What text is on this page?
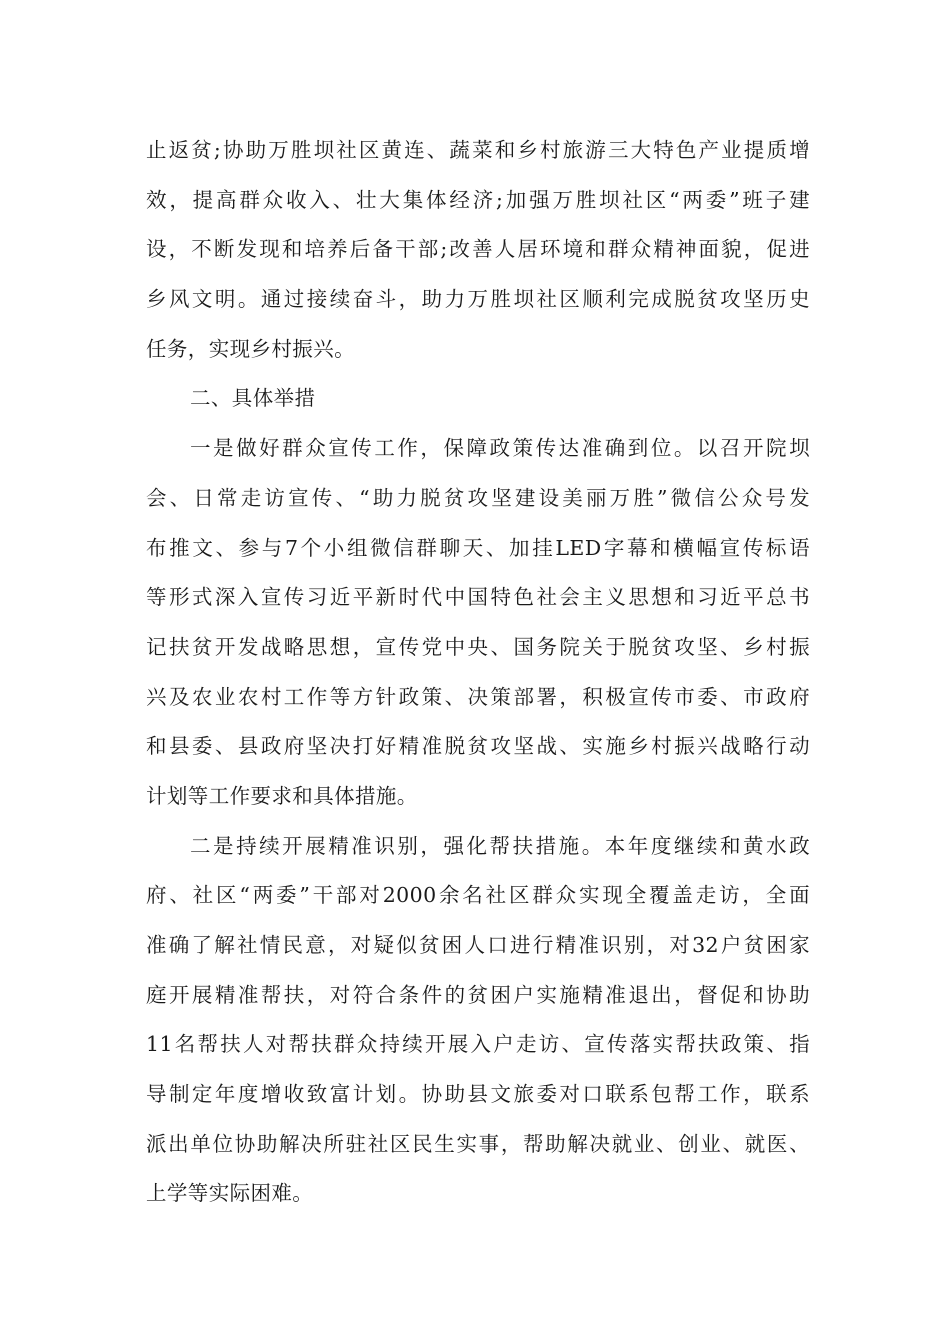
止返贫;协助万胜坝社区黄连、蔬菜和乡村旅游三大特色产业提质增
效，提高群众收入、壮大集体经济;加强万胜坝社区“两委”班子建
设，不断发现和培养后备干部;改善人居环境和群众精神面貌，促进
乡风文明。通过接续奋斗，助力万胜坝社区顺利完成脱贫攻坚历史
任务，实现乡村振兴。
二、具体举措
一是做好群众宣传工作，保障政策传达准确到位。以召开院坝
会、日常走访宣传、“助力脱贫攻坚建设美丽万胜”微信公众号发
布推文、参与7个小组微信群聊天、加挂LED字幕和横幅宣传标语
等形式深入宣传习近平新时代中国特色社会主义思想和习近平总书
记扶贫开发战略思想，宣传党中央、国务院关于脱贫攻坚、乡村振
兴及农业农村工作等方针政策、决策部署，积极宣传市委、市政府
和县委、县政府坚决打好精准脱贫攻坚战、实施乡村振兴战略行动
计划等工作要求和具体措施。
二是持续开展精准识别，强化帮扶措施。本年度继续和黄水政
府、社区“两委”干部对2000余名社区群众实现全覆盖走访，全面
准确了解社情民意，对疑似贫困人口进行精准识别，对32户贫困家
庭开展精准帮扶，对符合条件的贫困户实施精准退出，督促和协助
11名帮扶人对帮扶群众持续开展入户走访、宣传落实帮扶政策、指
导制定年度增收致富计划。协助县文旅委对口联系包帮工作，联系
派出单位协助解决所驻社区民生实事，帮助解决就业、创业、就医、
上学等实际困难。
